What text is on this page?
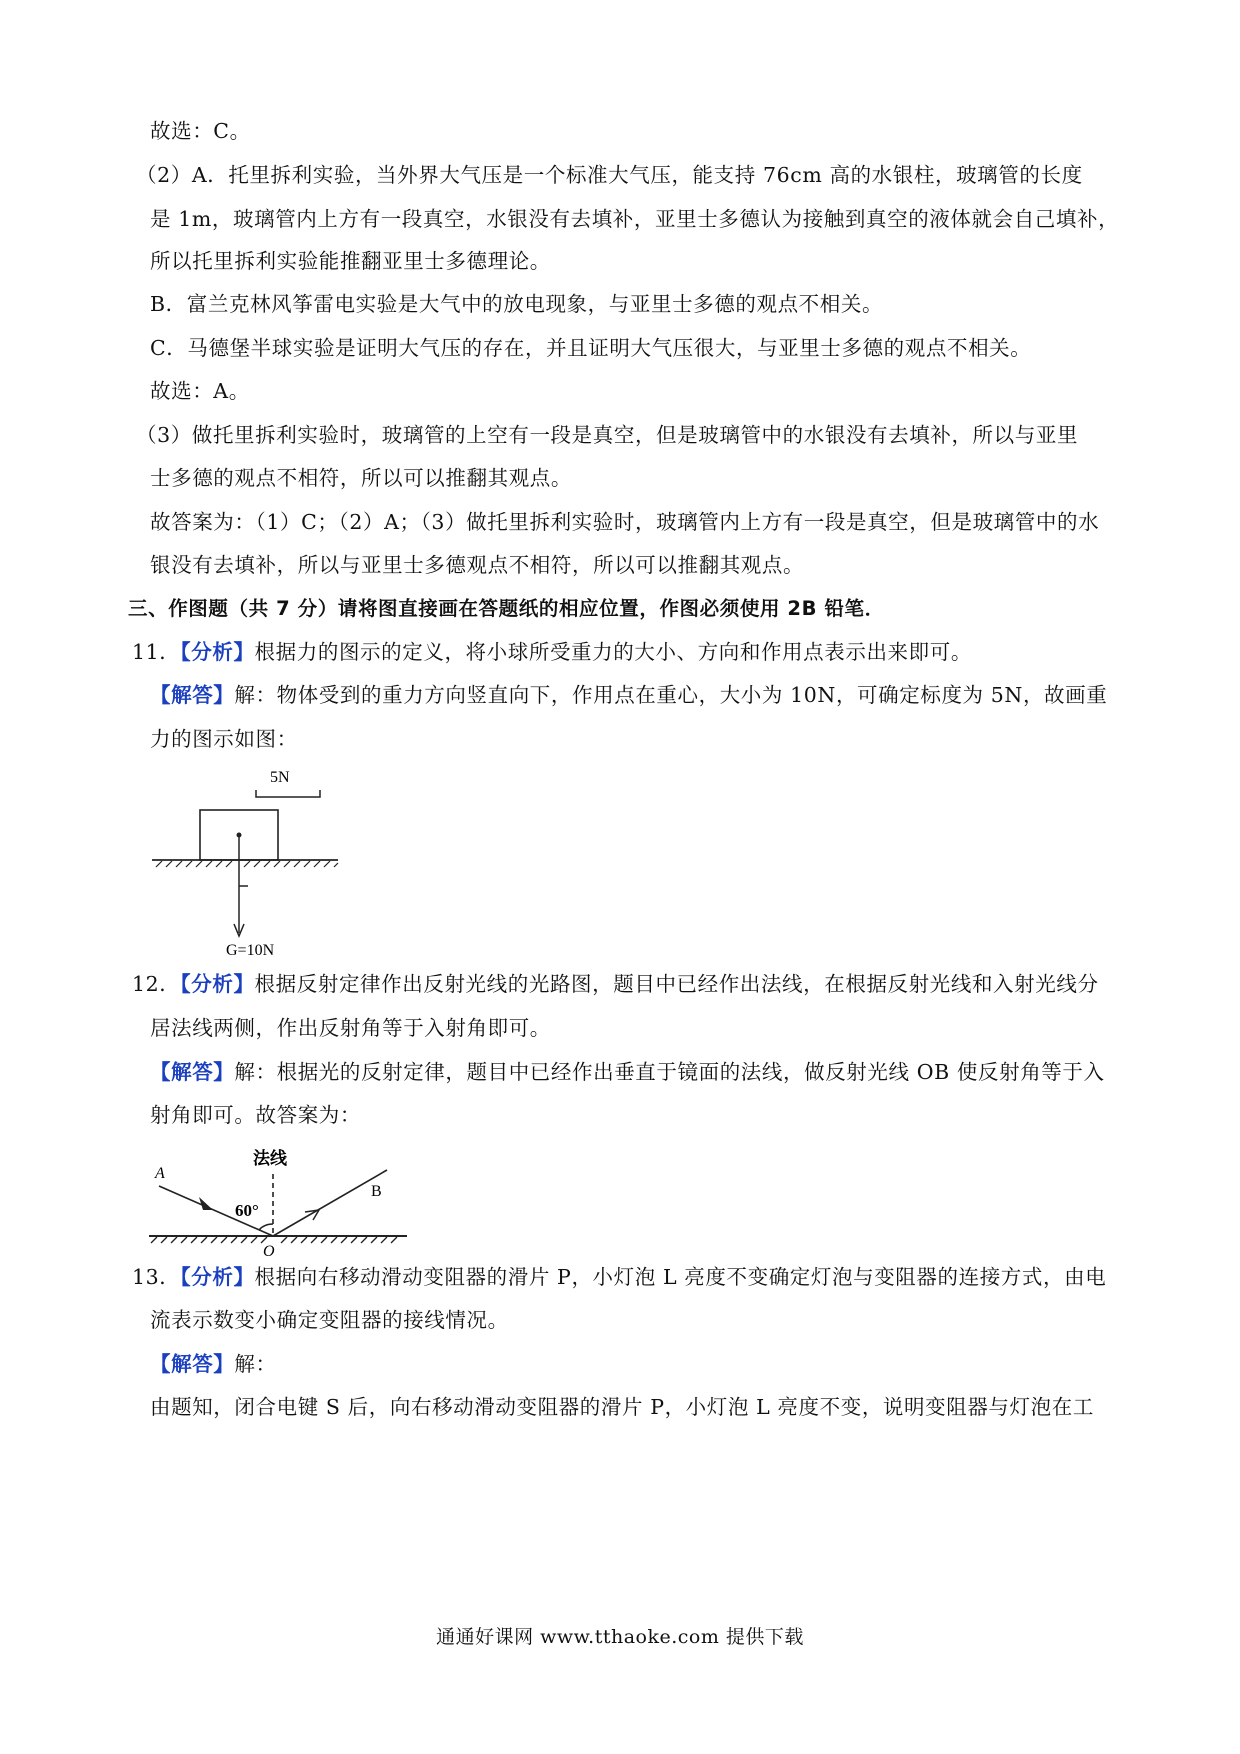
故选：C。
（2）A．托里拆利实验，当外界大气压是一个标准大气压，能支持 76cm 高的水银柱，玻璃管的长度
是 1m，玻璃管内上方有一段真空，水银没有去填补，亚里士多德认为接触到真空的液体就会自己填补，
所以托里拆利实验能推翻亚里士多德理论。
B．富兰克林风筝雷电实验是大气中的放电现象，与亚里士多德的观点不相关。
C．马德堡半球实验是证明大气压的存在，并且证明大气压很大，与亚里士多德的观点不相关。
故选：A。
（3）做托里拆利实验时，玻璃管的上空有一段是真空，但是玻璃管中的水银没有去填补，所以与亚里
士多德的观点不相符，所以可以推翻其观点。
故答案为：（1）C；（2）A；（3）做托里拆利实验时，玻璃管内上方有一段是真空，但是玻璃管中的水
银没有去填补，所以与亚里士多德观点不相符，所以可以推翻其观点。
三、作图题（共 7 分）请将图直接画在答题纸的相应位置，作图必须使用 2B 铅笔．
11．【分析】根据力的图示的定义，将小球所受重力的大小、方向和作用点表示出来即可。
【解答】解：物体受到的重力方向竖直向下，作用点在重心，大小为 10N，可确定标度为 5N，故画重
力的图示如图：
5N
G=10N
12．【分析】根据反射定律作出反射光线的光路图，题目中已经作出法线，在根据反射光线和入射光线分
居法线两侧，作出反射角等于入射角即可。
【解答】解：根据光的反射定律，题目中已经作出垂直于镜面的法线，做反射光线 OB 使反射角等于入
射角即可。故答案为：
法线
A
B
60°
O
13．【分析】根据向右移动滑动变阻器的滑片 P，小灯泡 L 亮度不变确定灯泡与变阻器的连接方式，由电
流表示数变小确定变阻器的接线情况。
【解答】解：
由题知，闭合电键 S 后，向右移动滑动变阻器的滑片 P，小灯泡 L 亮度不变，说明变阻器与灯泡在工
通通好课网 www.tthaoke.com 提供下载
